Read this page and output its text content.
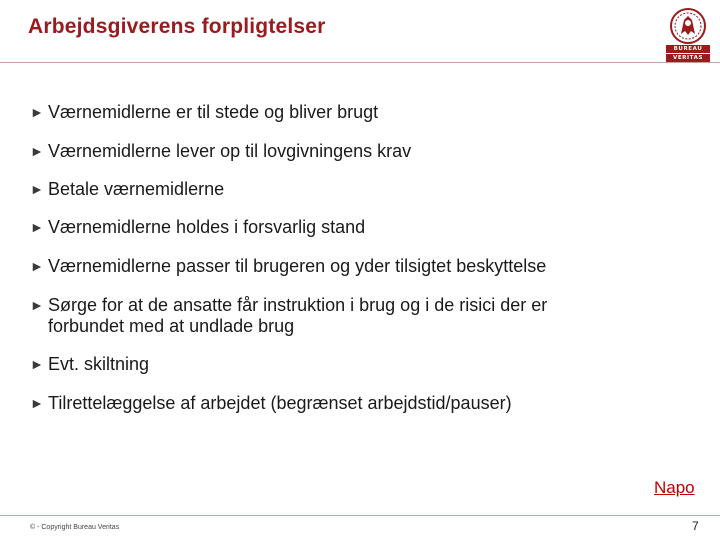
Arbejdsgiverens forpligtelser
BUREAU
VERITAS
► Værnemidlerne er til stede og bliver brugt
► Værnemidlerne lever op til lovgivningens krav
► Betale værnemidlerne
► Værnemidlerne holdes i forsvarlig stand
► Værnemidlerne passer til brugeren og yder tilsigtet beskyttelse
► Sørge for at de ansatte får instruktion i brug og i de risici der er forbundet med at undlade brug
► Evt. skiltning
► Tilrettelæggelse af arbejdet (begrænset arbejdstid/pauser)
Napo
© - Copyright Bureau Veritas	7
